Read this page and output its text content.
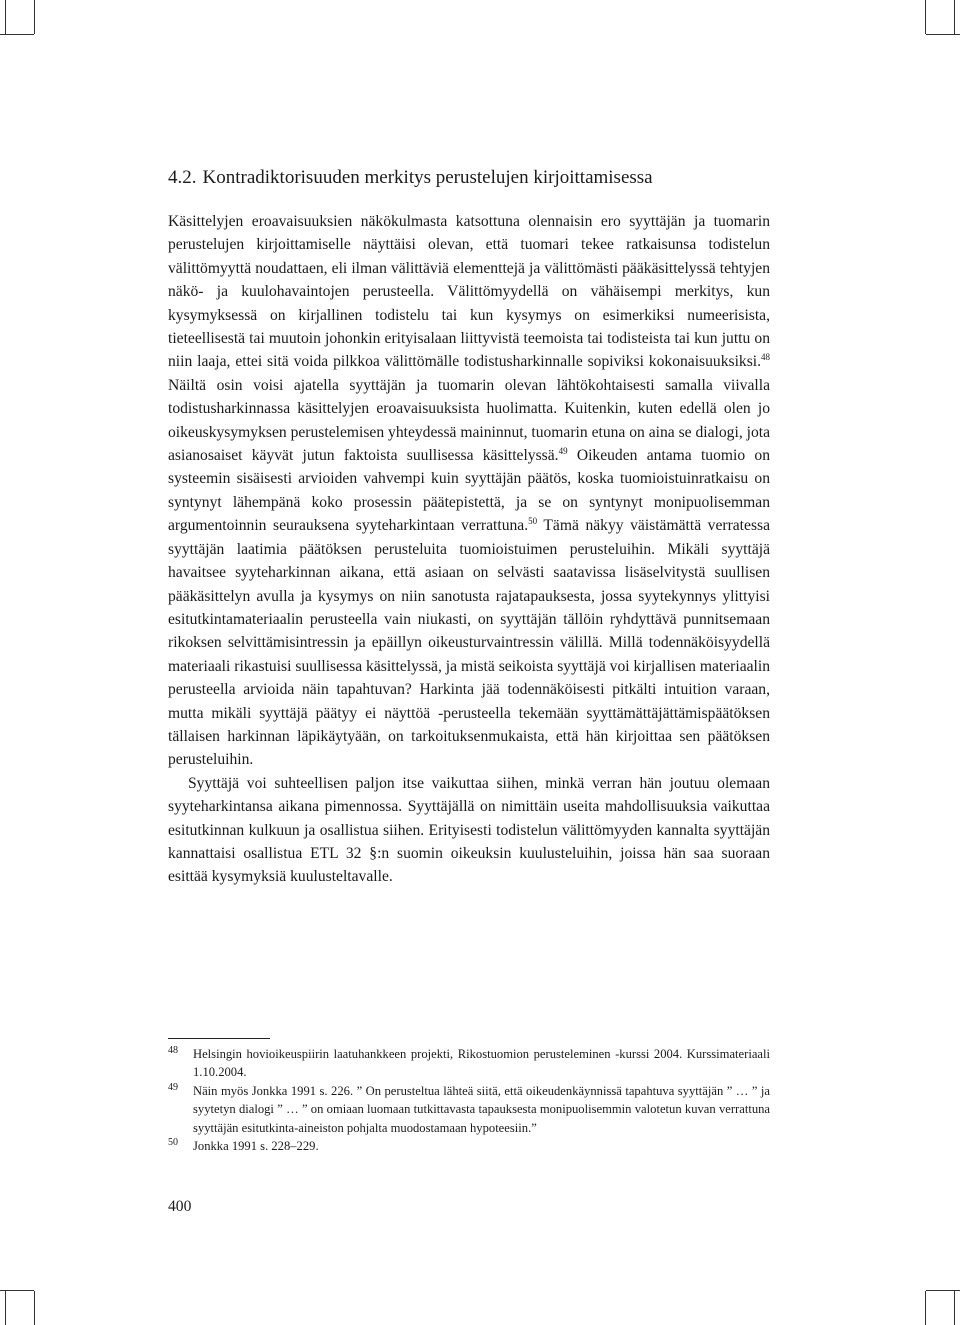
4.2. Kontradiktorisuuden merkitys perustelujen kirjoittamisessa

Käsittelyjen eroavaisuuksien näkökulmasta katsottuna olennaisin ero syyttäjän ja tuomarin perustelujen kirjoittamiselle näyttäisi olevan, että tuomari tekee ratkaisunsa todistelun välittömyyttä noudattaen, eli ilman välittäviä elementtejä ja välittömästi pääkäsittelyssä tehtyjen näkö- ja kuulohavaintojen perusteella. Välittömyydellä on vähäisempi merkitys, kun kysymyksessä on kirjallinen todistelu tai kun kysymys on esimerkiksi numeerisista, tieteellisestä tai muutoin johonkin erityisalaan liittyvistä teemoista tai todisteista tai kun juttu on niin laaja, ettei sitä voida pilkkoa välittömälle todistusharkinnalle sopiviksi kokonaisuuksiksi.$^{48}$ Näiltä osin voisi ajatella syyttäjän ja tuomarin olevan lähtökohtaisesti samalla viivalla todistusharkinnassa käsittelyjen eroavaisuuksista huolimatta. Kuitenkin, kuten edellä olen jo oikeuskysymyksen perustelemisen yhteydessä maininnut, tuomarin etuna on aina se dialogi, jota asianosaiset käyvät jutun faktoista suullisessa käsittelyssä.$^{49}$ Oikeuden antama tuomio on systeemin sisäisesti arvioiden vahvempi kuin syyttäjän päätös, koska tuomioistuinratkaisu on syntynyt lähempänä koko prosessin päätepistettä, ja se on syntynyt monipuolisemman argumentoinnin seurauksena syyteharkintaan verrattuna.$^{50}$ Tämä näkyy väistämättä verratessa syyttäjän laatimia päätöksen perusteluita tuomioistuimen perusteluihin. Mikäli syyttäjä havaitsee syyteharkinnan aikana, että asiaan on selvästi saatavissa lisäselvitystä suullisen pääkäsittelyn avulla ja kysymys on niin sanotusta rajatapauksesta, jossa syytekynnys ylittyisi esitutkintamateriaalin perusteella vain niukasti, on syyttäjän tällöin ryhdyttävä punnitsemaan rikoksen selvittämisintressin ja epäillyn oikeusturvaintressin välillä. Millä todennäköisyydellä materiaali rikastuisi suullisessa käsittelyssä, ja mistä seikoista syyttäjä voi kirjallisen materiaalin perusteella arvioida näin tapahtuvan? Harkinta jää todennäköisesti pitkälti intuition varaan, mutta mikäli syyttäjä päätyy ei näyttöä -perusteella tekemään syyttämättäjättämispäätöksen tällaisen harkinnan läpikäytyään, on tarkoituksenmukaista, että hän kirjoittaa sen päätöksen perusteluihin.

Syyttäjä voi suhteellisen paljon itse vaikuttaa siihen, minkä verran hän joutuu olemaan syyteharkintansa aikana pimennossa. Syyttäjällä on nimittäin useita mahdollisuuksia vaikuttaa esitutkinnan kulkuun ja osallistua siihen. Erityisesti todistelun välittömyyden kannalta syyttäjän kannattaisi osallistua ETL 32 §:n suomin oikeuksin kuulusteluihin, joissa hän saa suoraan esittää kysymyksiä kuulusteltavalle.

48 Helsingin hovioikeuspiirin laatuhankkeen projekti, Rikostuomion perusteleminen -kurssi 2004. Kurssimateriaali 1.10.2004.
49 Näin myös Jonkka 1991 s. 226. ” On perusteltua lähteä siitä, että oikeudenkäynnissä tapahtuva syyttäjän ” … ” ja syytetyn dialogi ” … ” on omiaan luomaan tutkittavasta tapauksesta monipuolisemmin valotetun kuvan verrattuna syyttäjän esitutkinta-aineiston pohjalta muodostamaan hypoteesiin.”
50 Jonkka 1991 s. 228–229.
400
